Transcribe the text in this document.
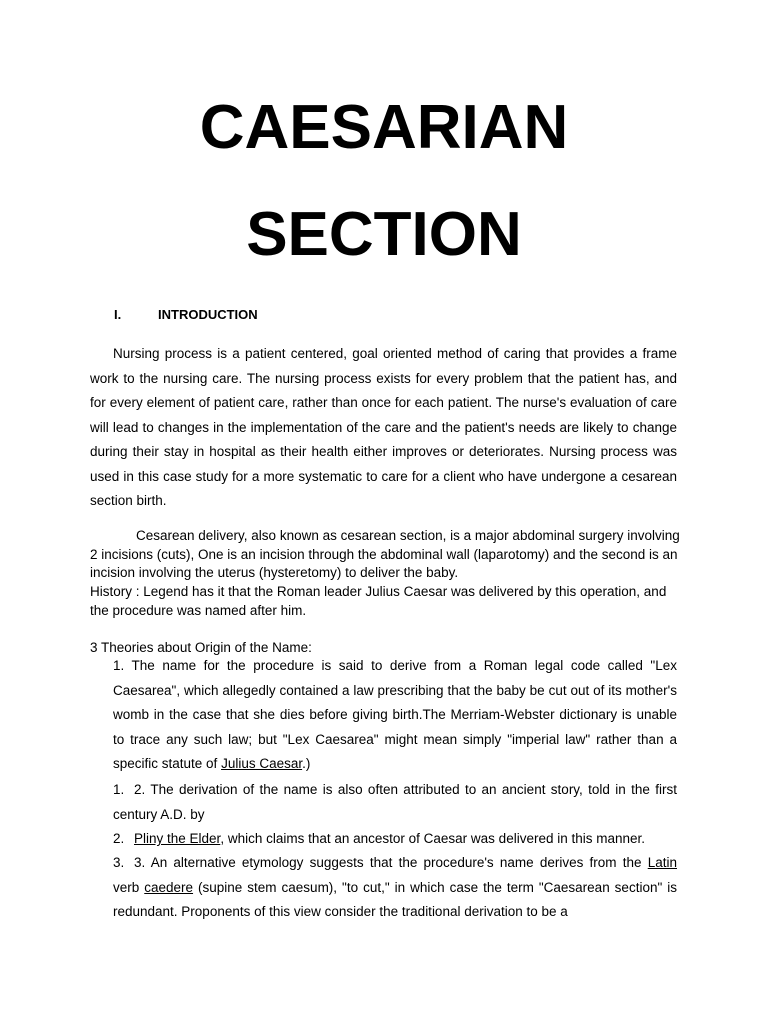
CAESARIAN
SECTION
I.	INTRODUCTION

Nursing process is a patient centered, goal oriented method of caring that provides a frame work to the nursing care. The nursing process exists for every problem that the patient has, and for every element of patient care, rather than once for each patient. The nurse's evaluation of care will lead to changes in the implementation of the care and the patient's needs are likely to change during their stay in hospital as their health either improves or deteriorates. Nursing process was used in this case study for a more systematic to care for a client who have undergone a cesarean section birth.

Cesarean delivery, also known as cesarean section, is a major abdominal surgery involving 2 incisions (cuts), One is an incision through the abdominal wall (laparotomy) and the second is an incision involving the uterus (hysteretomy) to deliver the baby.

History : Legend has it that the Roman leader Julius Caesar was delivered by this operation, and the procedure was named after him.

3 Theories about Origin of the Name:

1. The name for the procedure is said to derive from a Roman legal code called "Lex Caesarea", which allegedly contained a law prescribing that the baby be cut out of its mother's womb in the case that she dies before giving birth.The Merriam-Webster dictionary is unable to trace any such law; but "Lex Caesarea" might mean simply "imperial law" rather than a specific statute of Julius Caesar.)

1. 2. The derivation of the name is also often attributed to an ancient story, told in the first century A.D. by

2. Pliny the Elder, which claims that an ancestor of Caesar was delivered in this manner.

3. 3. An alternative etymology suggests that the procedure's name derives from the Latin verb caedere (supine stem caesum), "to cut," in which case the term "Caesarean section" is redundant. Proponents of this view consider the traditional derivation to be a
